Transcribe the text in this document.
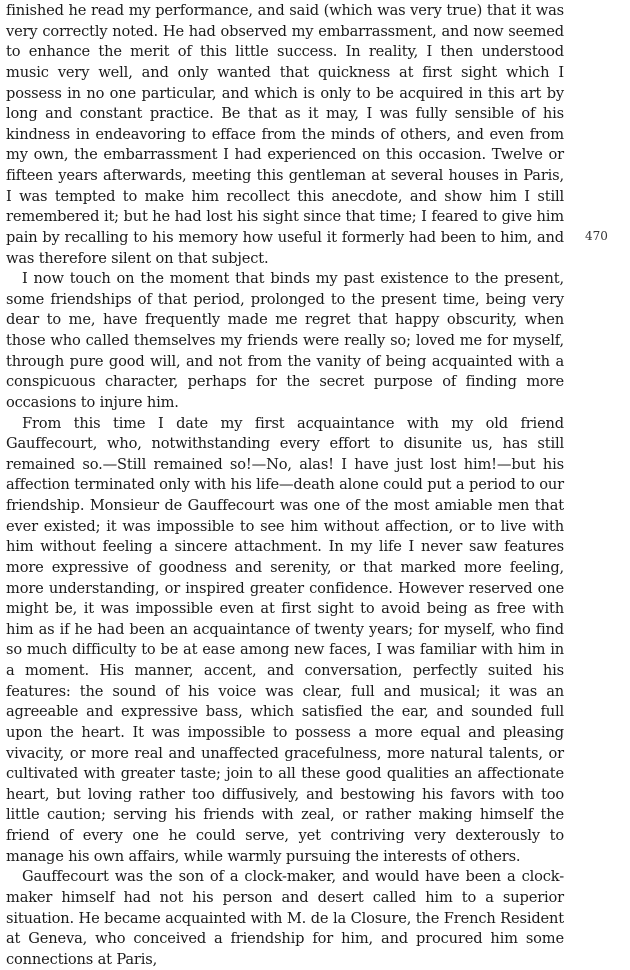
finished he read my performance, and said (which was very true) that it was very correctly noted. He had observed my embarrassment, and now seemed to enhance the merit of this little success. In reality, I then understood music very well, and only wanted that quickness at first sight which I possess in no one particular, and which is only to be acquired in this art by long and constant practice. Be that as it may, I was fully sensible of his kindness in endeavoring to efface from the minds of others, and even from my own, the embarrassment I had experienced on this occasion. Twelve or fifteen years afterwards, meeting this gentleman at several houses in Paris, I was tempted to make him recollect this anecdote, and show him I still remembered it; but he had lost his sight since that time; I feared to give him pain by recalling to his memory how useful it formerly had been to him, and was therefore silent on that subject.

I now touch on the moment that binds my past existence to the present, some friendships of that period, prolonged to the present time, being very dear to me, have frequently made me regret that happy obscurity, when those who called themselves my friends were really so; loved me for myself, through pure good will, and not from the vanity of being acquainted with a conspicuous character, perhaps for the secret purpose of finding more occasions to injure him.

From this time I date my first acquaintance with my old friend Gauffecourt, who, notwithstanding every effort to disunite us, has still remained so.—Still remained so!—No, alas! I have just lost him!—but his affection terminated only with his life—death alone could put a period to our friendship. Monsieur de Gauffecourt was one of the most amiable men that ever existed; it was impossible to see him without affection, or to live with him without feeling a sincere attachment. In my life I never saw features more expressive of goodness and serenity, or that marked more feeling, more understanding, or inspired greater confidence. However reserved one might be, it was impossible even at first sight to avoid being as free with him as if he had been an acquaintance of twenty years; for myself, who find so much difficulty to be at ease among new faces, I was familiar with him in a moment. His manner, accent, and conversation, perfectly suited his features: the sound of his voice was clear, full and musical; it was an agreeable and expressive bass, which satisfied the ear, and sounded full upon the heart. It was impossible to possess a more equal and pleasing vivacity, or more real and unaffected gracefulness, more natural talents, or cultivated with greater taste; join to all these good qualities an affectionate heart, but loving rather too diffusively, and bestowing his favors with too little caution; serving his friends with zeal, or rather making himself the friend of every one he could serve, yet contriving very dexterously to manage his own affairs, while warmly pursuing the interests of others.

Gauffecourt was the son of a clock-maker, and would have been a clock-maker himself had not his person and desert called him to a superior situation. He became acquainted with M. de la Closure, the French Resident at Geneva, who conceived a friendship for him, and procured him some connections at Paris,

470
